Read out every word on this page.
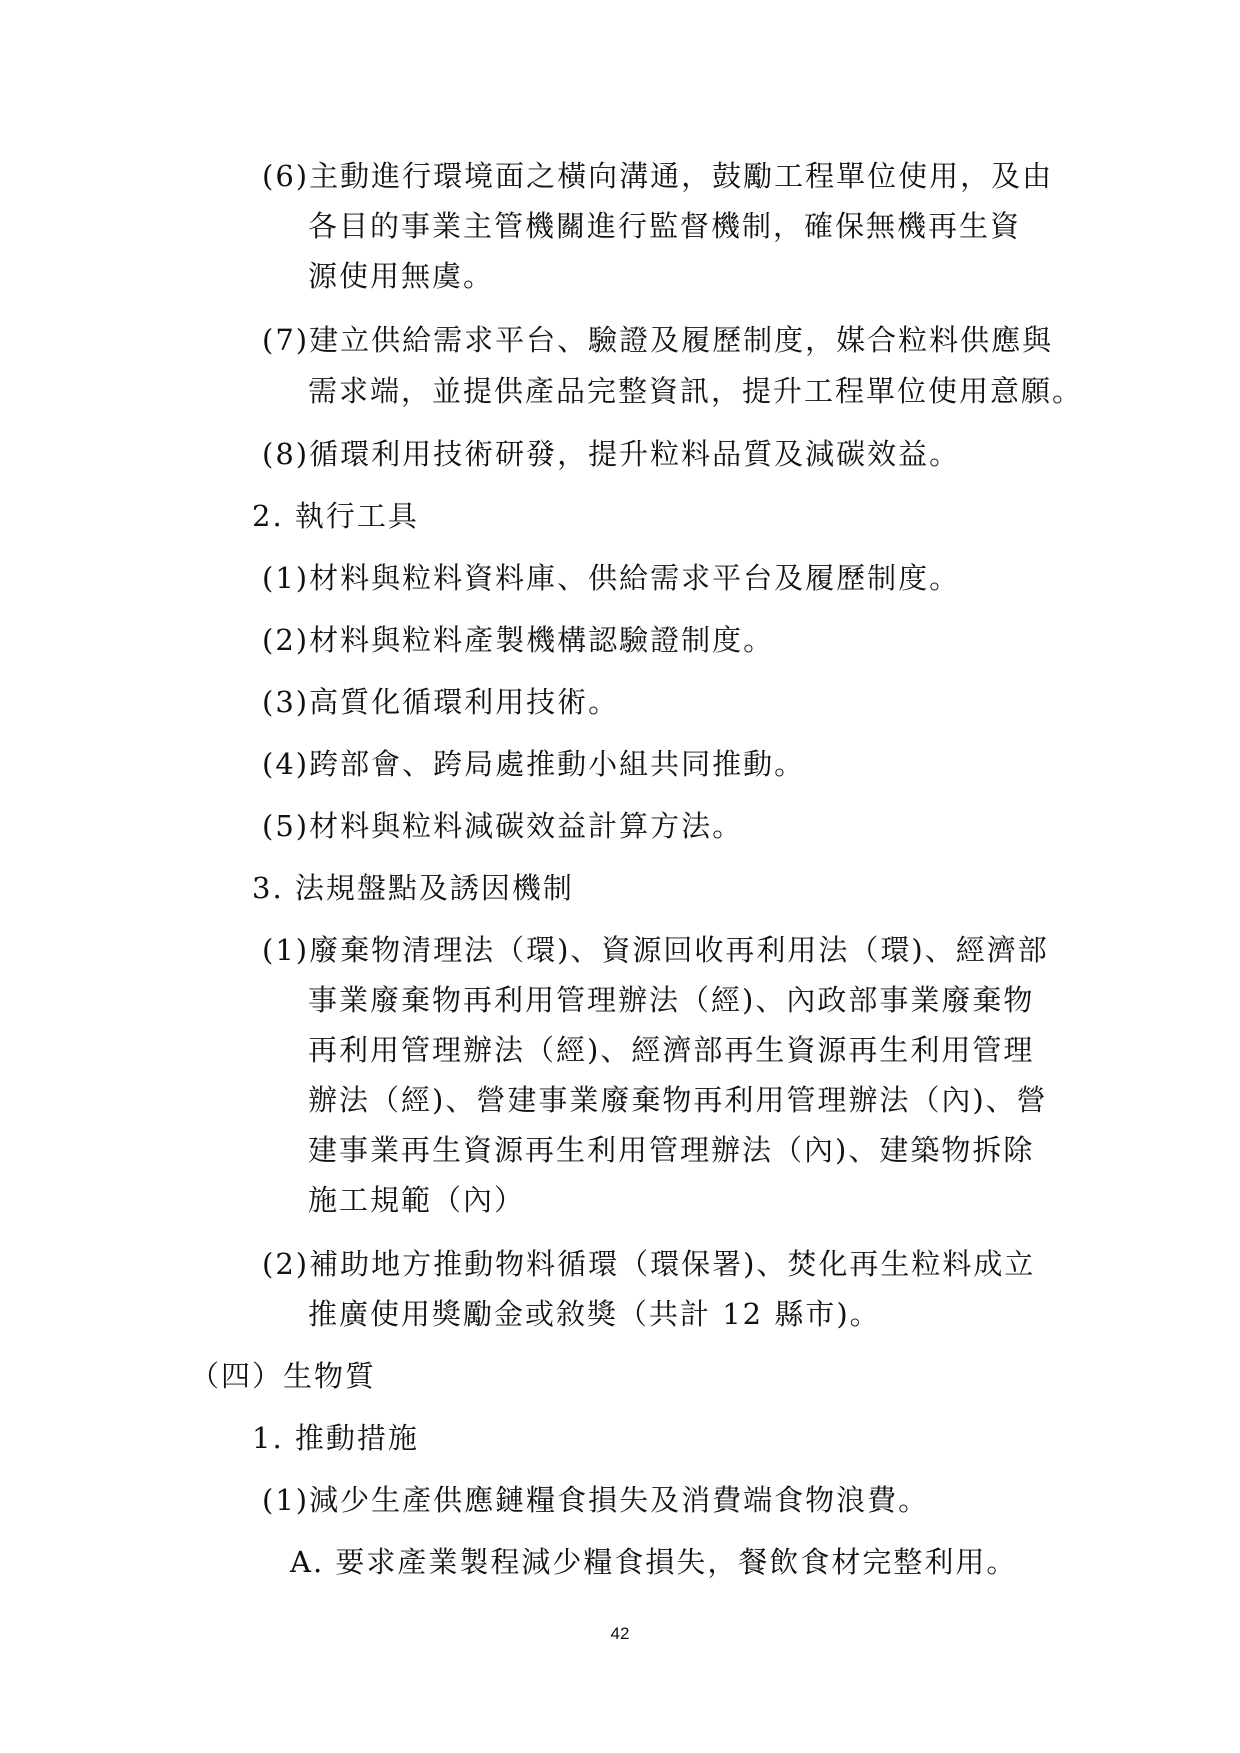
(6)主動進行環境面之橫向溝通，鼓勵工程單位使用，及由
各目的事業主管機關進行監督機制，確保無機再生資
源使用無虞。
(7)建立供給需求平台、驗證及履歷制度，媒合粒料供應與
需求端，並提供產品完整資訊，提升工程單位使用意願。
(8)循環利用技術研發，提升粒料品質及減碳效益。
2. 執行工具
(1)材料與粒料資料庫、供給需求平台及履歷制度。
(2)材料與粒料產製機構認驗證制度。
(3)高質化循環利用技術。
(4)跨部會、跨局處推動小組共同推動。
(5)材料與粒料減碳效益計算方法。
3. 法規盤點及誘因機制
(1)廢棄物清理法（環)、資源回收再利用法（環)、經濟部
事業廢棄物再利用管理辦法（經)、內政部事業廢棄物
再利用管理辦法（經)、經濟部再生資源再生利用管理
辦法（經)、營建事業廢棄物再利用管理辦法（內)、營
建事業再生資源再生利用管理辦法（內)、建築物拆除
施工規範（內）
(2)補助地方推動物料循環（環保署)、焚化再生粒料成立
推廣使用獎勵金或敘獎（共計 12 縣市)。
（四）生物質
1. 推動措施
(1)減少生產供應鏈糧食損失及消費端食物浪費。
A. 要求產業製程減少糧食損失，餐飲食材完整利用。
42
